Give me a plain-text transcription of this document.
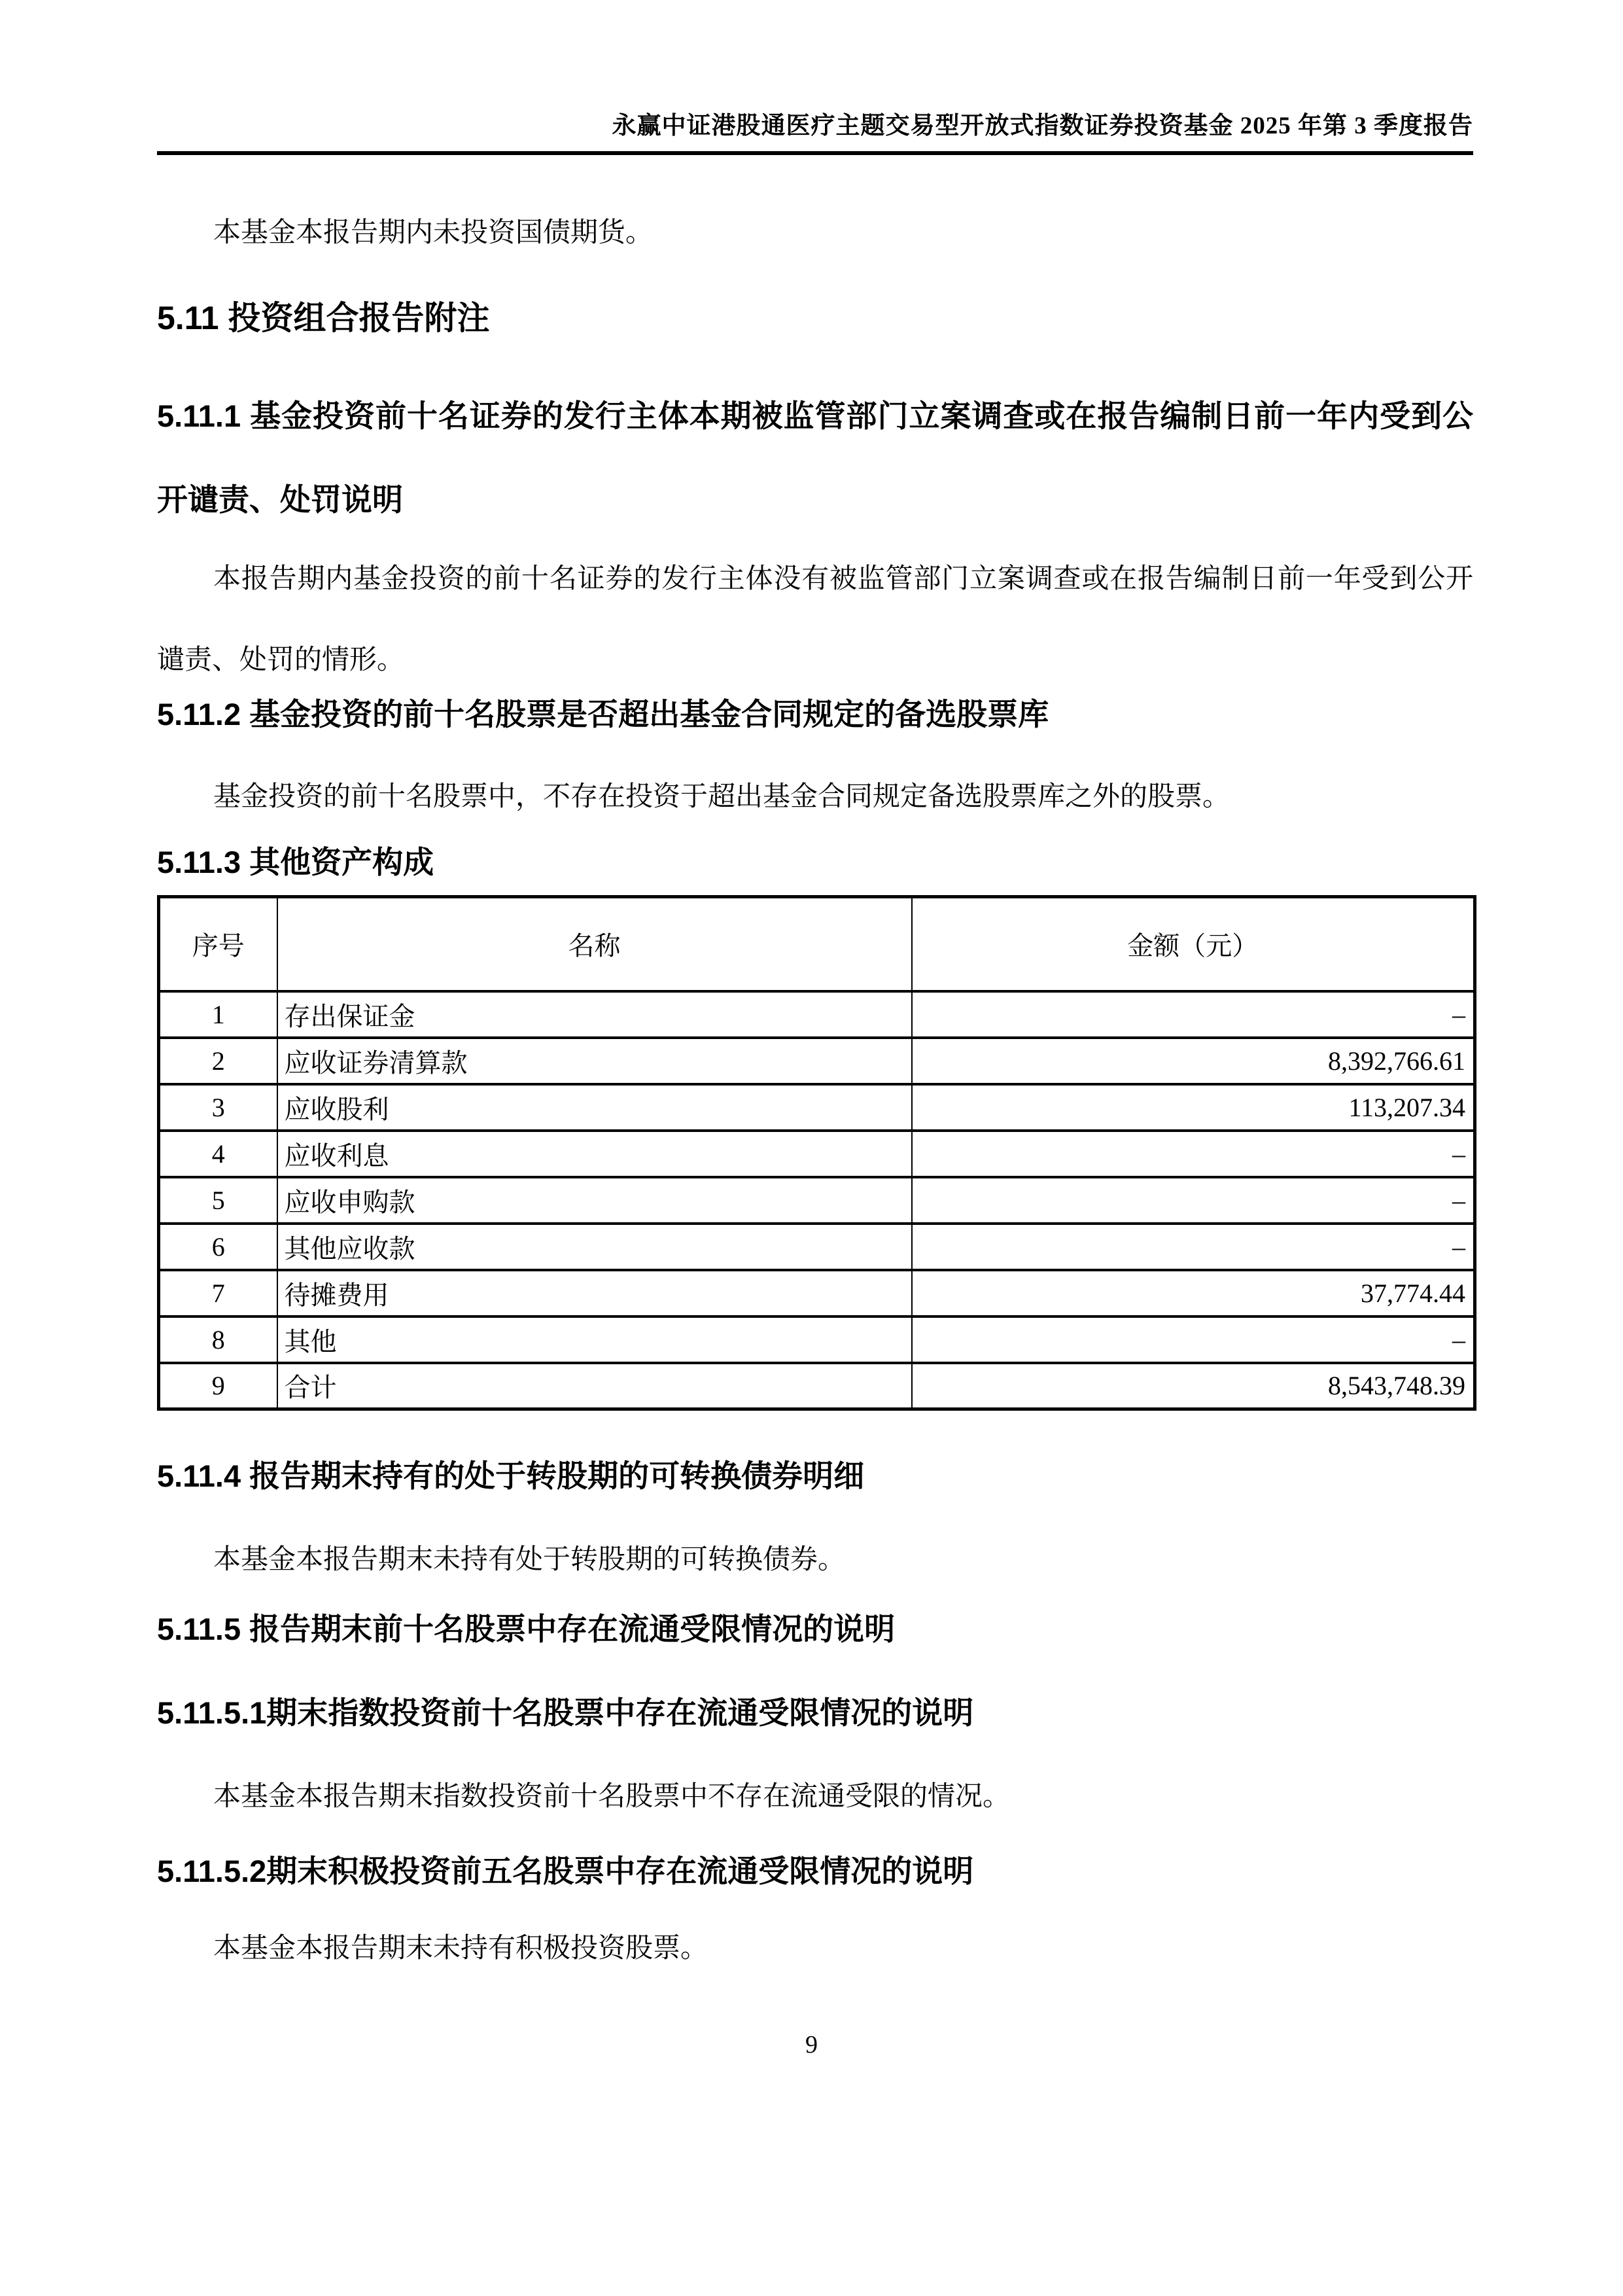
永赢中证港股通医疗主题交易型开放式指数证券投资基金 2025 年第 3 季度报告
本基金本报告期内未投资国债期货。
5.11 投资组合报告附注
5.11.1 基金投资前十名证券的发行主体本期被监管部门立案调查或在报告编制日前一年内受到公开谴责、处罚说明
本报告期内基金投资的前十名证券的发行主体没有被监管部门立案调查或在报告编制日前一年受到公开谴责、处罚的情形。
5.11.2 基金投资的前十名股票是否超出基金合同规定的备选股票库
基金投资的前十名股票中，不存在投资于超出基金合同规定备选股票库之外的股票。
5.11.3 其他资产构成
序号	名称	金额（元）
1	存出保证金	–
2	应收证券清算款	8,392,766.61
3	应收股利	113,207.34
4	应收利息	–
5	应收申购款	–
6	其他应收款	–
7	待摊费用	37,774.44
8	其他	–
9	合计	8,543,748.39
5.11.4 报告期末持有的处于转股期的可转换债券明细
本基金本报告期末未持有处于转股期的可转换债券。
5.11.5 报告期末前十名股票中存在流通受限情况的说明
5.11.5.1期末指数投资前十名股票中存在流通受限情况的说明
本基金本报告期末指数投资前十名股票中不存在流通受限的情况。
5.11.5.2期末积极投资前五名股票中存在流通受限情况的说明
本基金本报告期末未持有积极投资股票。
9
